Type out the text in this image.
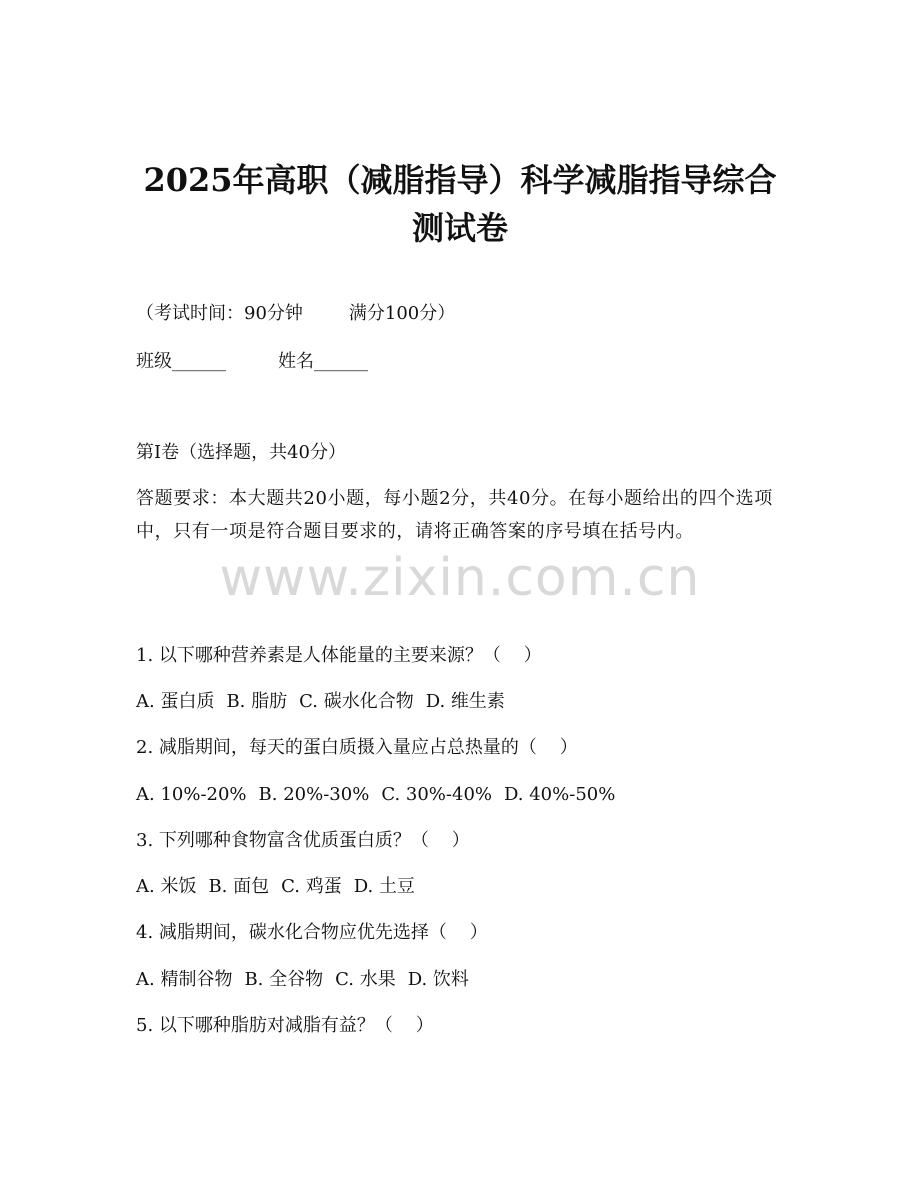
2025年高职（减脂指导）科学减脂指导综合
测试卷

（考试时间：90分钟	满分100分）

班级______	姓名______

第I卷（选择题，共40分）

答题要求：本大题共20小题，每小题2分，共40分。在每小题给出的四个选项中，只有一项是符合题目要求的，请将正确答案的序号填在括号内。

www.zixin.com.cn

1. 以下哪种营养素是人体能量的主要来源？（    ）

A. 蛋白质 B. 脂肪 C. 碳水化合物 D. 维生素

2. 减脂期间，每天的蛋白质摄入量应占总热量的（    ）

A. 10%-20% B. 20%-30% C. 30%-40% D. 40%-50%

3. 下列哪种食物富含优质蛋白质？（    ）

A. 米饭 B. 面包 C. 鸡蛋 D. 土豆

4. 减脂期间，碳水化合物应优先选择（    ）

A. 精制谷物 B. 全谷物 C. 水果 D. 饮料

5. 以下哪种脂肪对减脂有益？（    ）
